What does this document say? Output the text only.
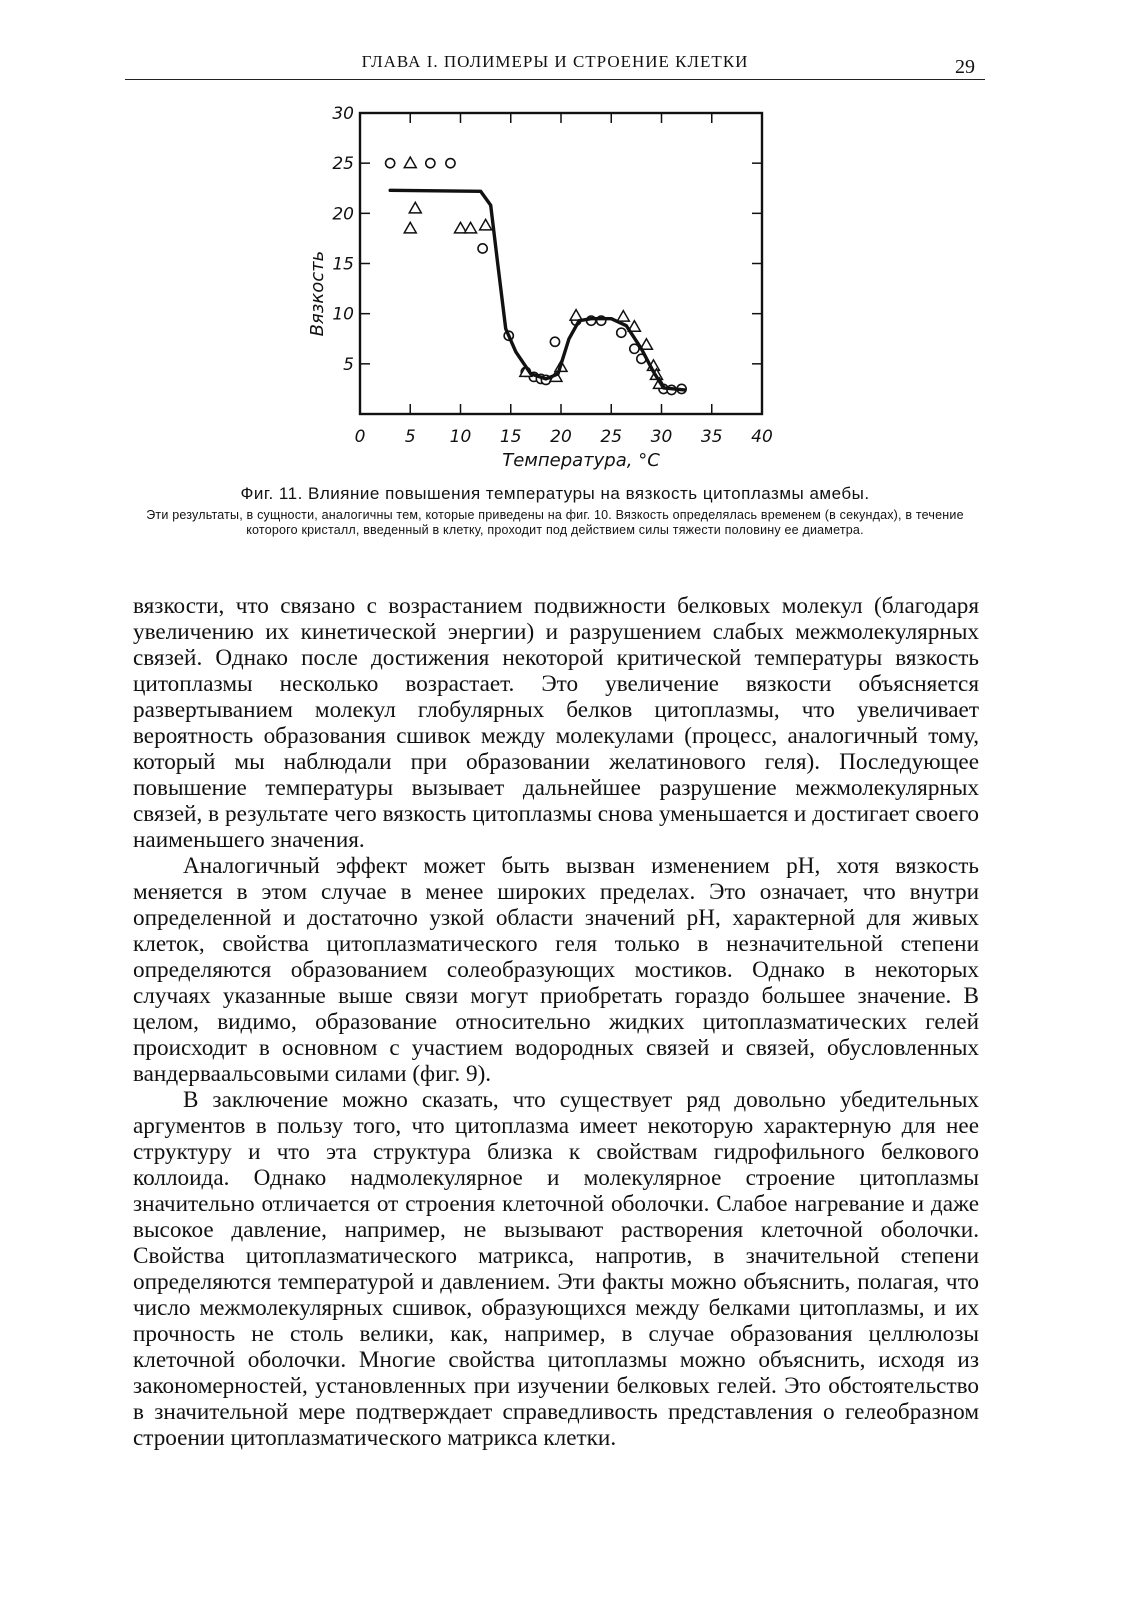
ГЛАВА I. ПОЛИМЕРЫ И СТРОЕНИЕ КЛЕТКИ	29
0 5 10 15 20 25 30 35 40
5
10
15
20
25
30
Температура, °С
Вязкость
Фиг. 11. Влияние повышения температуры на вязкость цитоплазмы амебы.
Эти результаты, в сущности, аналогичны тем, которые приведены на фиг. 10. Вязкость определялась временем (в секундах), в течение которого кристалл, введенный в клетку, проходит под действием силы тяжести половину ее диаметра.

вязкости, что связано с возрастанием подвижности белковых молекул (благодаря увеличению их кинетической энергии) и разрушением слабых межмолекулярных связей. Однако после достижения некоторой критической температуры вязкость цитоплазмы несколько возрастает. Это увеличение вязкости объясняется развертыванием молекул глобулярных белков цитоплазмы, что увеличивает вероятность образования сшивок между молекулами (процесс, аналогичный тому, который мы наблюдали при образовании желатинового геля). Последующее повышение температуры вызывает дальнейшее разрушение межмолекулярных связей, в результате чего вязкость цитоплазмы снова уменьшается и достигает своего наименьшего значения.

Аналогичный эффект может быть вызван изменением pH, хотя вязкость меняется в этом случае в менее широких пределах. Это означает, что внутри определенной и достаточно узкой области значений pH, характерной для живых клеток, свойства цитоплазматического геля только в незначительной степени определяются образованием солеобразующих мостиков. Однако в некоторых случаях указанные выше связи могут приобретать гораздо большее значение. В целом, видимо, образование относительно жидких цитоплазматических гелей происходит в основном с участием водородных связей и связей, обусловленных вандерваальсовыми силами (фиг. 9).

В заключение можно сказать, что существует ряд довольно убедительных аргументов в пользу того, что цитоплазма имеет некоторую характерную для нее структуру и что эта структура близка к свойствам гидрофильного белкового коллоида. Однако надмолекулярное и молекулярное строение цитоплазмы значительно отличается от строения клеточной оболочки. Слабое нагревание и даже высокое давление, например, не вызывают растворения клеточной оболочки. Свойства цитоплазматического матрикса, напротив, в значительной степени определяются температурой и давлением. Эти факты можно объяснить, полагая, что число межмолекулярных сшивок, образующихся между белками цитоплазмы, и их прочность не столь велики, как, например, в случае образования целлюлозы клеточной оболочки. Многие свойства цитоплазмы можно объяснить, исходя из закономерностей, установленных при изучении белковых гелей. Это обстоятельство в значительной мере подтверждает справедливость представления о гелеобразном строении цитоплазматического матрикса клетки.
